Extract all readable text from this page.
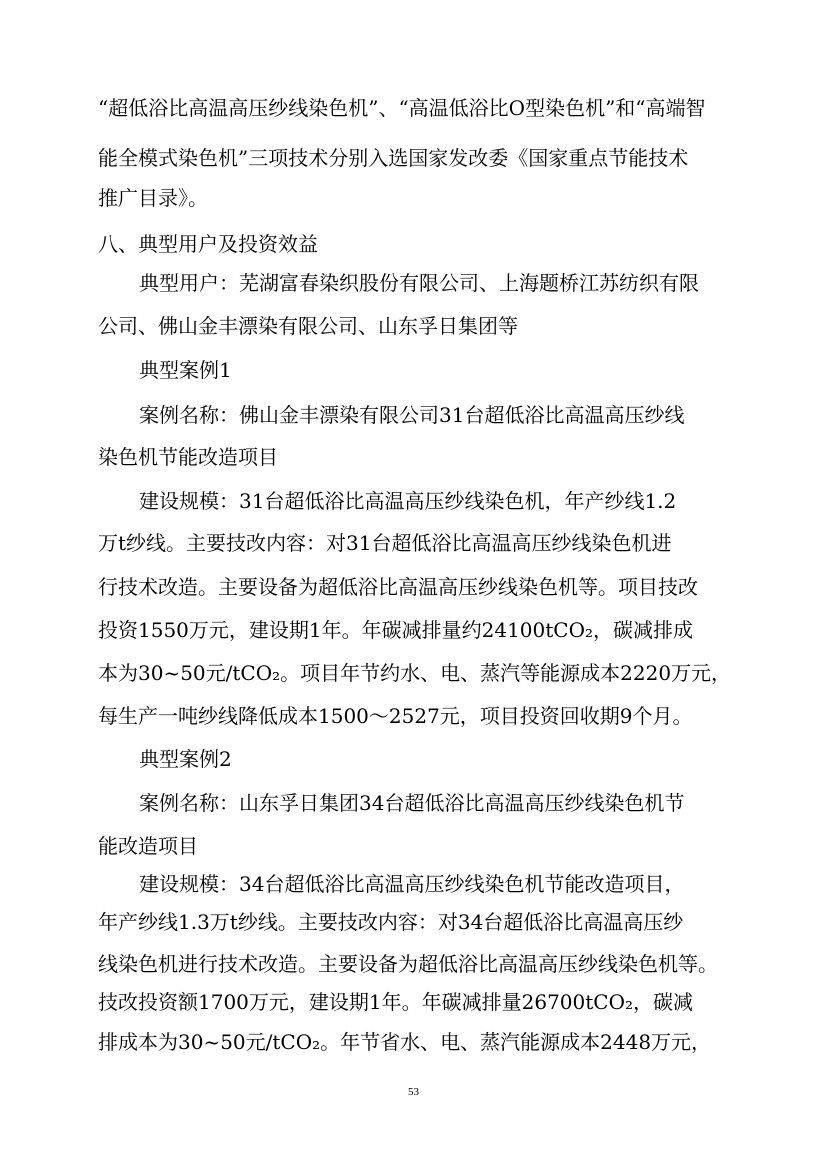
“超低浴比高温高压纱线染色机”、“高温低浴比O型染色机”和“高端智
能全模式染色机”三项技术分别入选国家发改委《国家重点节能技术
推广目录》。
八、典型用户及投资效益
典型用户：芜湖富春染织股份有限公司、上海题桥江苏纺织有限
公司、佛山金丰漂染有限公司、山东孚日集团等
典型案例1
案例名称：佛山金丰漂染有限公司31台超低浴比高温高压纱线
染色机节能改造项目
建设规模：31台超低浴比高温高压纱线染色机，年产纱线1.2
万t纱线。主要技改内容：对31台超低浴比高温高压纱线染色机进
行技术改造。主要设备为超低浴比高温高压纱线染色机等。项目技改
投资1550万元，建设期1年。年碳减排量约24100tCO₂，碳减排成
本为30~50元/tCO₂。项目年节约水、电、蒸汽等能源成本2220万元，
每生产一吨纱线降低成本1500～2527元，项目投资回收期9个月。
典型案例2
案例名称：山东孚日集团34台超低浴比高温高压纱线染色机节
能改造项目
建设规模：34台超低浴比高温高压纱线染色机节能改造项目，
年产纱线1.3万t纱线。主要技改内容：对34台超低浴比高温高压纱
线染色机进行技术改造。主要设备为超低浴比高温高压纱线染色机等。
技改投资额1700万元，建设期1年。年碳减排量26700tCO₂，碳减
排成本为30~50元/tCO₂。年节省水、电、蒸汽能源成本2448万元，
53
